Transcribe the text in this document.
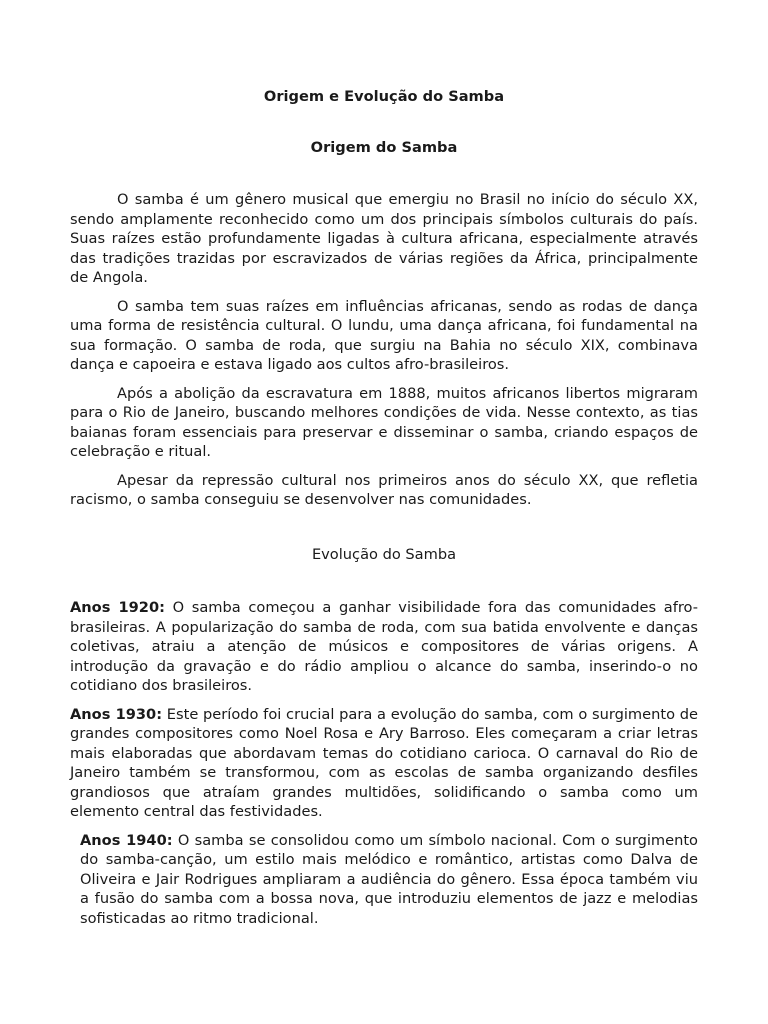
Origem e Evolução do Samba
Origem do Samba

O samba é um gênero musical que emergiu no Brasil no início do século XX, sendo amplamente reconhecido como um dos principais símbolos culturais do país. Suas raízes estão profundamente ligadas à cultura africana, especialmente através das tradições trazidas por escravizados de várias regiões da África, principalmente de Angola.

O samba tem suas raízes em influências africanas, sendo as rodas de dança uma forma de resistência cultural. O lundu, uma dança africana, foi fundamental na sua formação. O samba de roda, que surgiu na Bahia no século XIX, combinava dança e capoeira e estava ligado aos cultos afro-brasileiros.

Após a abolição da escravatura em 1888, muitos africanos libertos migraram para o Rio de Janeiro, buscando melhores condições de vida. Nesse contexto, as tias baianas foram essenciais para preservar e disseminar o samba, criando espaços de celebração e ritual.

Apesar da repressão cultural nos primeiros anos do século XX, que refletia racismo, o samba conseguiu se desenvolver nas comunidades.

Evolução do Samba

Anos 1920: O samba começou a ganhar visibilidade fora das comunidades afro-brasileiras. A popularização do samba de roda, com sua batida envolvente e danças coletivas, atraiu a atenção de músicos e compositores de várias origens. A introdução da gravação e do rádio ampliou o alcance do samba, inserindo-o no cotidiano dos brasileiros.

Anos 1930: Este período foi crucial para a evolução do samba, com o surgimento de grandes compositores como Noel Rosa e Ary Barroso. Eles começaram a criar letras mais elaboradas que abordavam temas do cotidiano carioca. O carnaval do Rio de Janeiro também se transformou, com as escolas de samba organizando desfiles grandiosos que atraíam grandes multidões, solidificando o samba como um elemento central das festividades.

Anos 1940: O samba se consolidou como um símbolo nacional. Com o surgimento do samba-canção, um estilo mais melódico e romântico, artistas como Dalva de Oliveira e Jair Rodrigues ampliaram a audiência do gênero. Essa época também viu a fusão do samba com a bossa nova, que introduziu elementos de jazz e melodias sofisticadas ao ritmo tradicional.
